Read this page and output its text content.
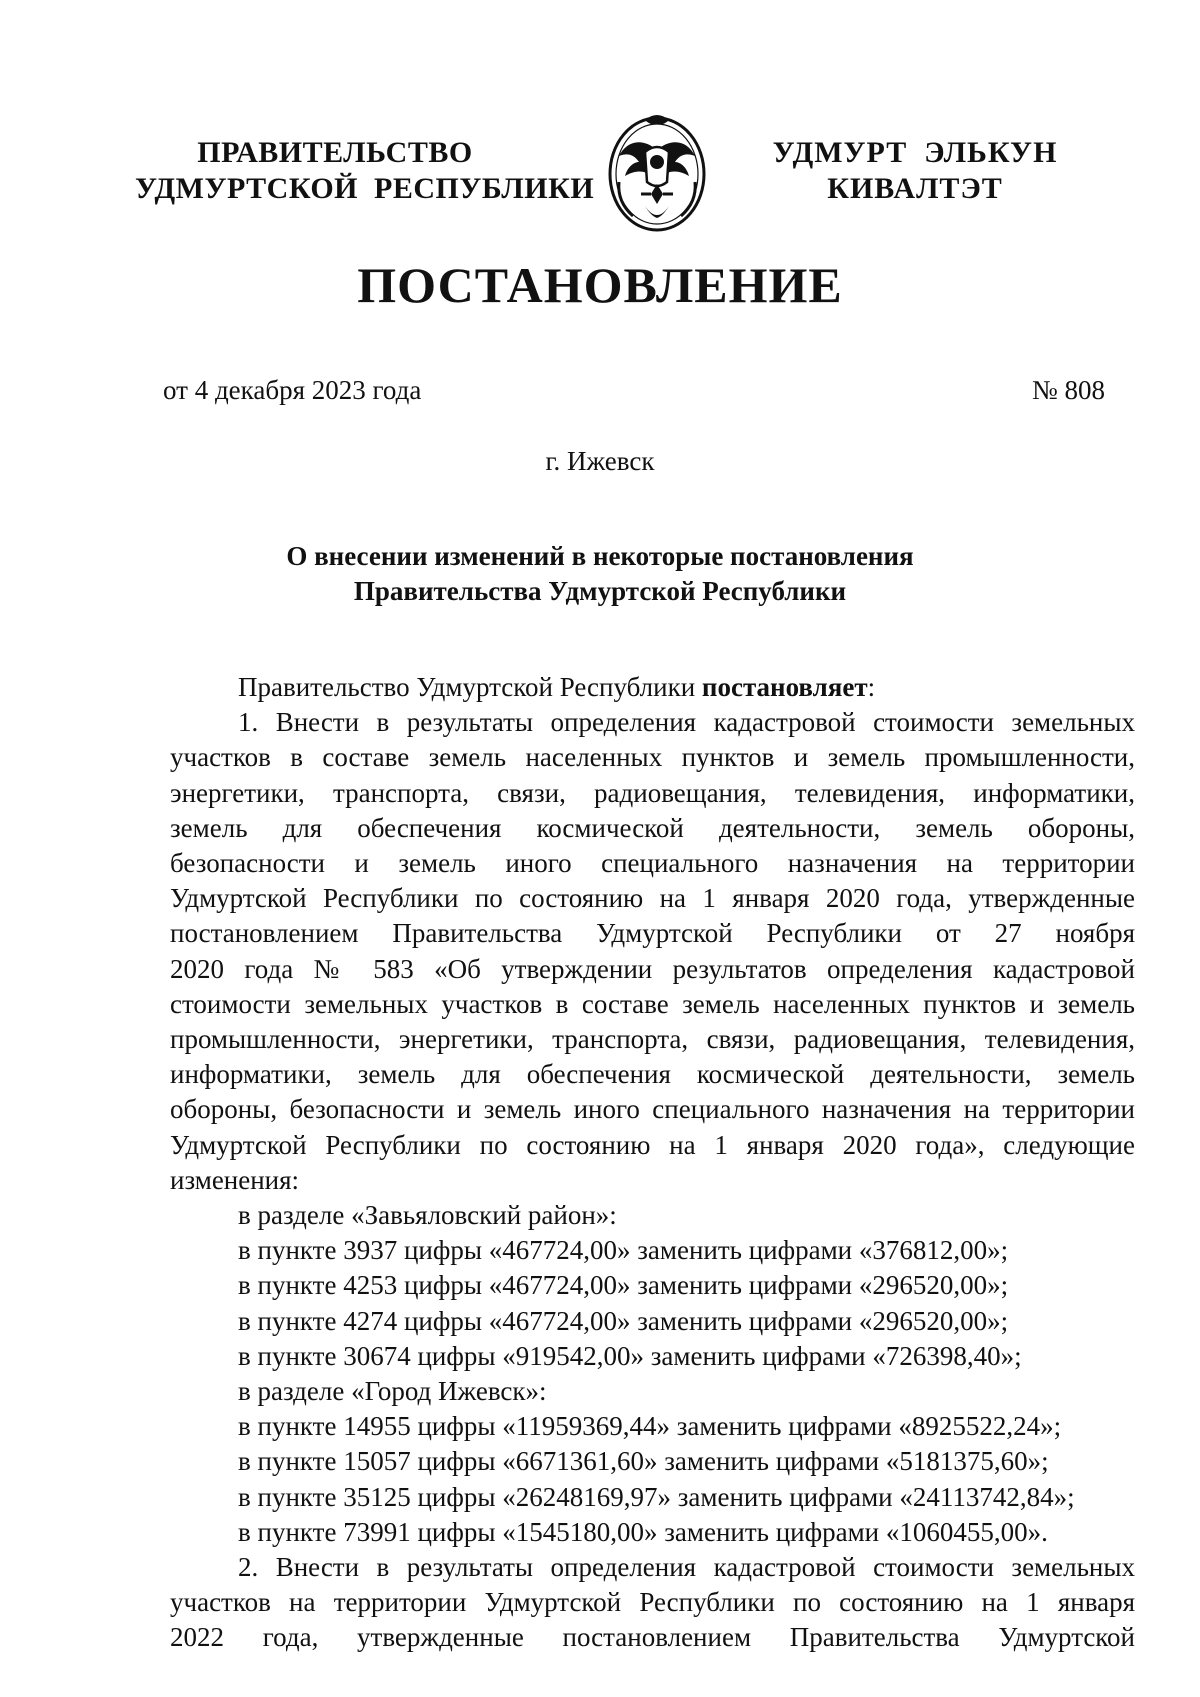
ПРАВИТЕЛЬСТВО
УДМУРТСКОЙ  РЕСПУБЛИКИ
УДМУРТ  ЭЛЬКУН
КИВАЛТЭТ
ПОСТАНОВЛЕНИЕ
от 4 декабря 2023 года	№ 808
г. Ижевск
О внесении изменений в некоторые постановления
Правительства Удмуртской Республики

Правительство Удмуртской Республики постановляет:

1. Внести в результаты определения кадастровой стоимости земельных

участков в составе земель населенных пунктов и земель промышленности,

энергетики, транспорта, связи, радиовещания, телевидения, информатики,

земель для обеспечения космической деятельности, земель обороны,

безопасности и земель иного специального назначения на территории

Удмуртской Республики по состоянию на 1 января 2020 года, утвержденные

постановлением Правительства Удмуртской Республики от 27 ноября

2020 года № 583 «Об утверждении результатов определения кадастровой

стоимости земельных участков в составе земель населенных пунктов и земель

промышленности, энергетики, транспорта, связи, радиовещания, телевидения,

информатики, земель для обеспечения космической деятельности, земель

обороны, безопасности и земель иного специального назначения на территории

Удмуртской Республики по состоянию на 1 января 2020 года», следующие

изменения:

в разделе «Завьяловский район»:

в пункте 3937 цифры «467724,00» заменить цифрами «376812,00»;

в пункте 4253 цифры «467724,00» заменить цифрами «296520,00»;

в пункте 4274 цифры «467724,00» заменить цифрами «296520,00»;

в пункте 30674 цифры «919542,00» заменить цифрами «726398,40»;

в разделе «Город Ижевск»:

в пункте 14955 цифры «11959369,44» заменить цифрами «8925522,24»;

в пункте 15057 цифры «6671361,60» заменить цифрами «5181375,60»;

в пункте 35125 цифры «26248169,97» заменить цифрами «24113742,84»;

в пункте 73991 цифры «1545180,00» заменить цифрами «1060455,00».

2. Внести в результаты определения кадастровой стоимости земельных

участков на территории Удмуртской Республики по состоянию на 1 января

2022 года, утвержденные постановлением Правительства Удмуртской
